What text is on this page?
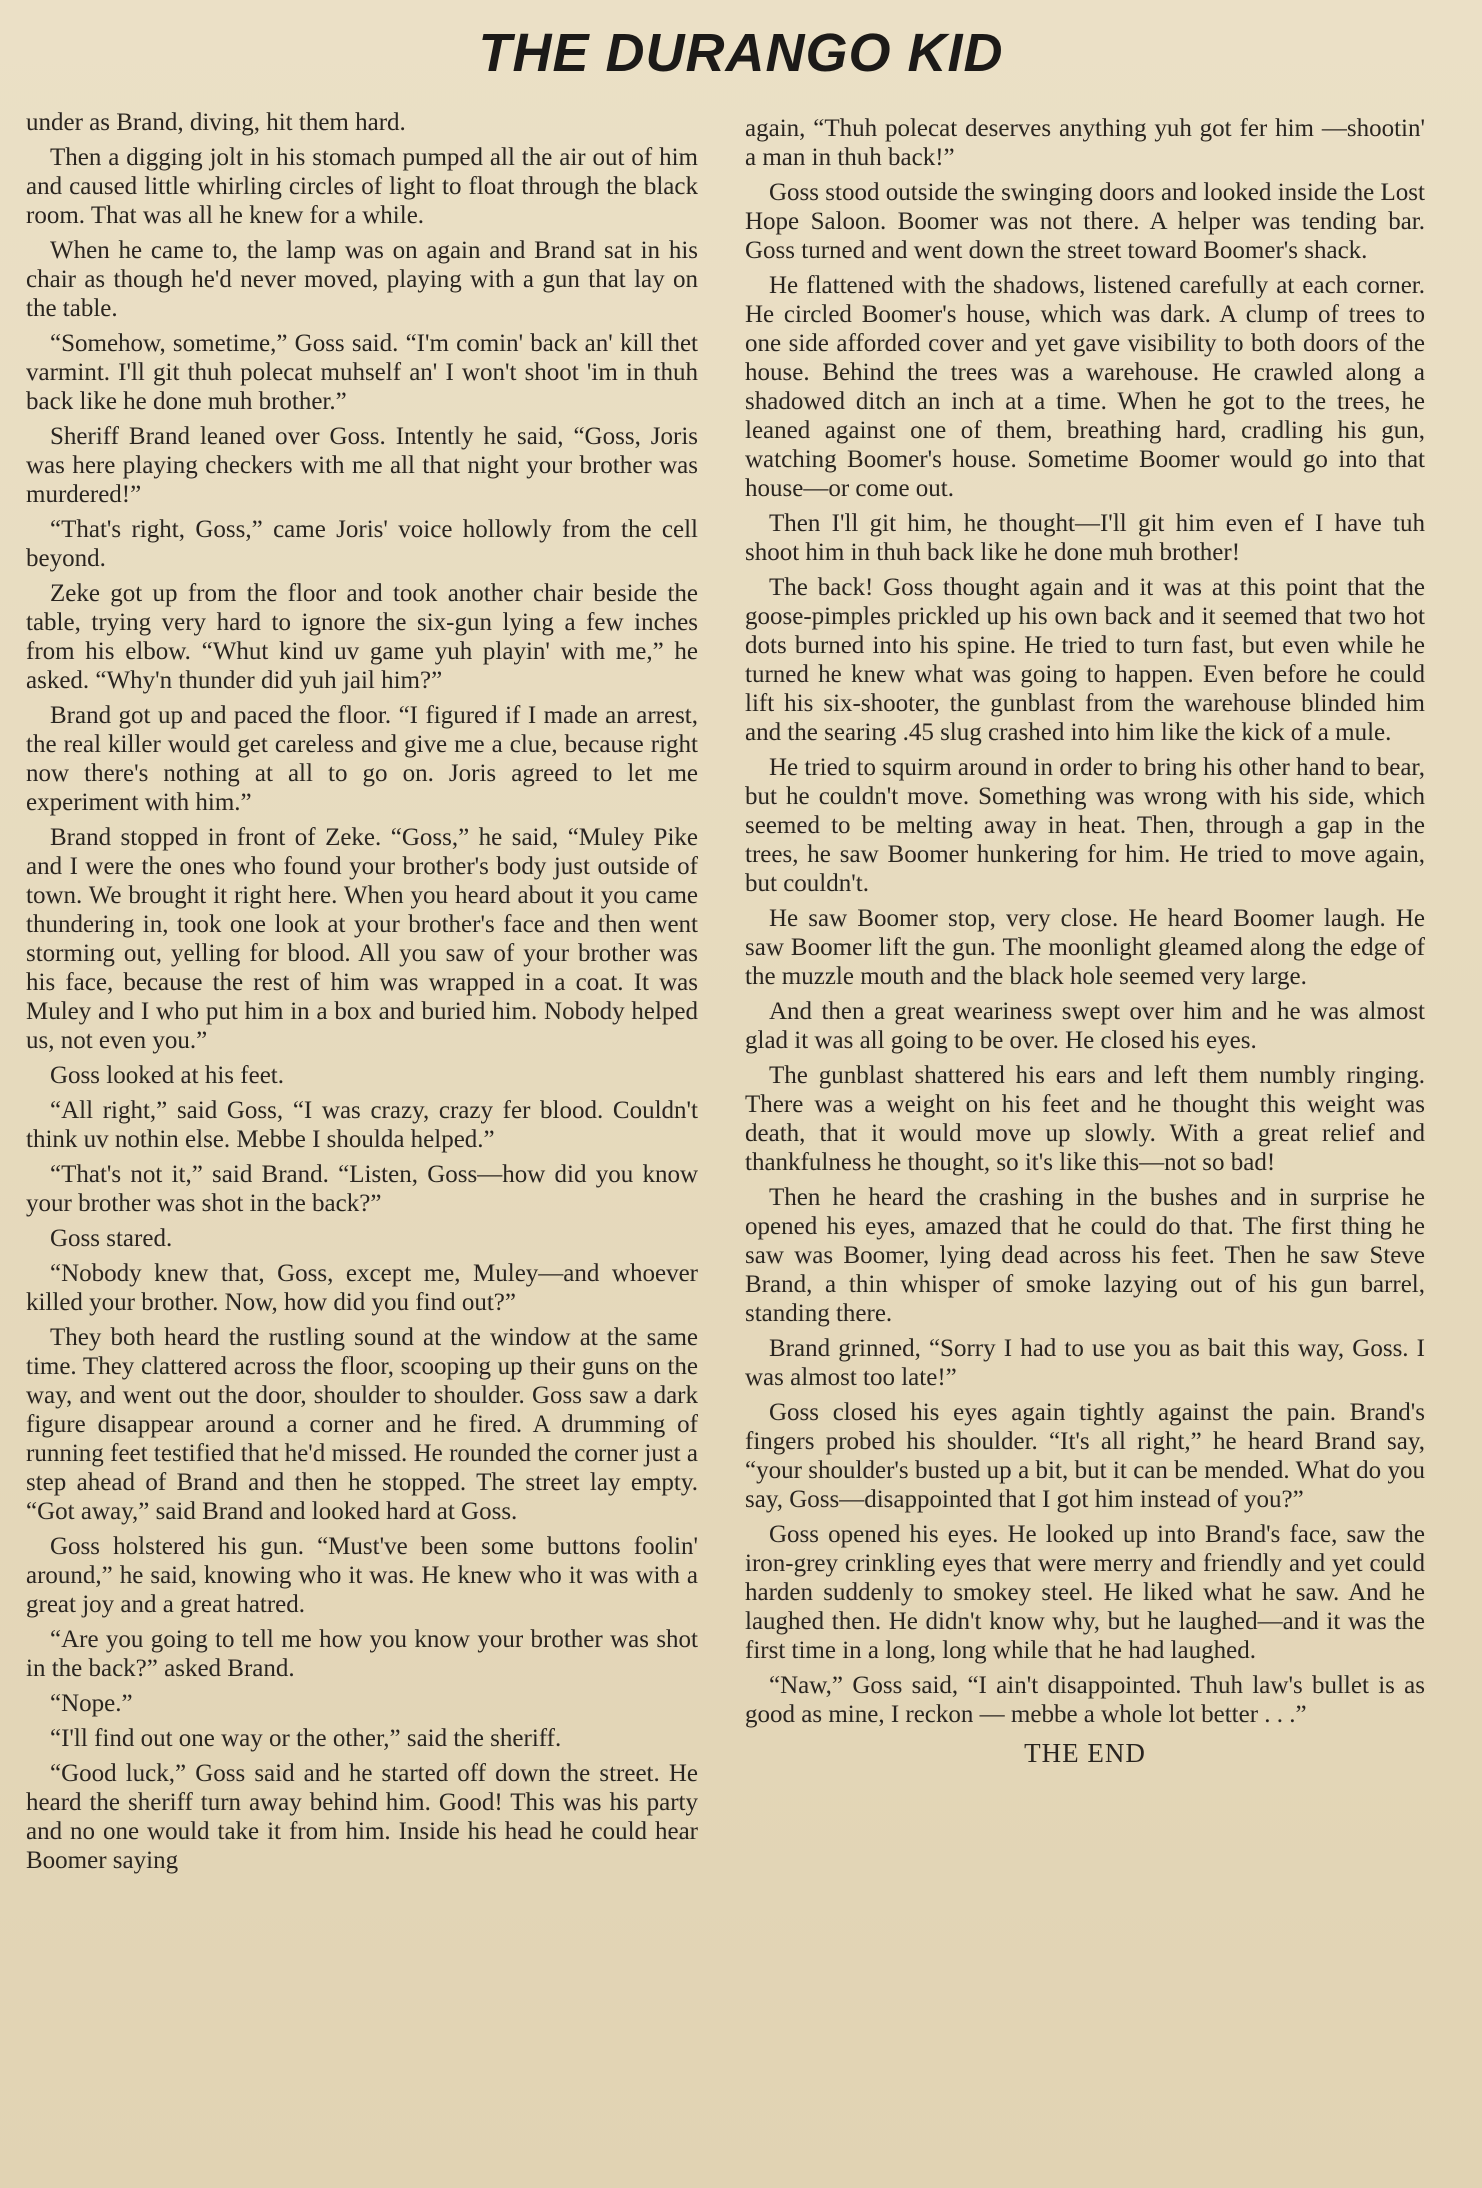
THE DURANGO KID

under as Brand, diving, hit them hard.

Then a digging jolt in his stomach pumped all the air out of him and caused little whirling circles of light to float through the black room. That was all he knew for a while.

When he came to, the lamp was on again and Brand sat in his chair as though he'd never moved, playing with a gun that lay on the table.

“Somehow, sometime,” Goss said. “I'm comin' back an' kill thet varmint. I'll git thuh polecat muhself an' I won't shoot 'im in thuh back like he done muh brother.”

Sheriff Brand leaned over Goss. Intently he said, “Goss, Joris was here playing checkers with me all that night your brother was murdered!”

“That's right, Goss,” came Joris' voice hollowly from the cell beyond.

Zeke got up from the floor and took another chair beside the table, trying very hard to ignore the six-gun lying a few inches from his elbow. “Whut kind uv game yuh playin' with me,” he asked. “Why'n thunder did yuh jail him?”

Brand got up and paced the floor. “I figured if I made an arrest, the real killer would get careless and give me a clue, because right now there's nothing at all to go on. Joris agreed to let me experiment with him.”

Brand stopped in front of Zeke. “Goss,” he said, “Muley Pike and I were the ones who found your brother's body just outside of town. We brought it right here. When you heard about it you came thundering in, took one look at your brother's face and then went storming out, yelling for blood. All you saw of your brother was his face, because the rest of him was wrapped in a coat. It was Muley and I who put him in a box and buried him. Nobody helped us, not even you.”

Goss looked at his feet.

“All right,” said Goss, “I was crazy, crazy fer blood. Couldn't think uv nothin else. Mebbe I shoulda helped.”

“That's not it,” said Brand. “Listen, Goss—how did you know your brother was shot in the back?”

Goss stared.

“Nobody knew that, Goss, except me, Muley—and whoever killed your brother. Now, how did you find out?”

They both heard the rustling sound at the window at the same time. They clattered across the floor, scooping up their guns on the way, and went out the door, shoulder to shoulder. Goss saw a dark figure disappear around a corner and he fired. A drumming of running feet testified that he'd missed. He rounded the corner just a step ahead of Brand and then he stopped. The street lay empty. “Got away,” said Brand and looked hard at Goss.

Goss holstered his gun. “Must've been some buttons foolin' around,” he said, knowing who it was. He knew who it was with a great joy and a great hatred.

“Are you going to tell me how you know your brother was shot in the back?” asked Brand.

“Nope.”

“I'll find out one way or the other,” said the sheriff.

“Good luck,” Goss said and he started off down the street. He heard the sheriff turn away behind him. Good! This was his party and no one would take it from him. Inside his head he could hear Boomer saying

again, “Thuh polecat deserves anything yuh got fer him —shootin' a man in thuh back!”

Goss stood outside the swinging doors and looked inside the Lost Hope Saloon. Boomer was not there. A helper was tending bar. Goss turned and went down the street toward Boomer's shack.

He flattened with the shadows, listened carefully at each corner. He circled Boomer's house, which was dark. A clump of trees to one side afforded cover and yet gave visibility to both doors of the house. Behind the trees was a warehouse. He crawled along a shadowed ditch an inch at a time. When he got to the trees, he leaned against one of them, breathing hard, cradling his gun, watching Boomer's house. Sometime Boomer would go into that house—or come out.

Then I'll git him, he thought—I'll git him even ef I have tuh shoot him in thuh back like he done muh brother!

The back! Goss thought again and it was at this point that the goose-pimples prickled up his own back and it seemed that two hot dots burned into his spine. He tried to turn fast, but even while he turned he knew what was going to happen. Even before he could lift his six-shooter, the gunblast from the warehouse blinded him and the searing .45 slug crashed into him like the kick of a mule.

He tried to squirm around in order to bring his other hand to bear, but he couldn't move. Something was wrong with his side, which seemed to be melting away in heat. Then, through a gap in the trees, he saw Boomer hunkering for him. He tried to move again, but couldn't.

He saw Boomer stop, very close. He heard Boomer laugh. He saw Boomer lift the gun. The moonlight gleamed along the edge of the muzzle mouth and the black hole seemed very large.

And then a great weariness swept over him and he was almost glad it was all going to be over. He closed his eyes.

The gunblast shattered his ears and left them numbly ringing. There was a weight on his feet and he thought this weight was death, that it would move up slowly. With a great relief and thankfulness he thought, so it's like this—not so bad!

Then he heard the crashing in the bushes and in surprise he opened his eyes, amazed that he could do that. The first thing he saw was Boomer, lying dead across his feet. Then he saw Steve Brand, a thin whisper of smoke lazying out of his gun barrel, standing there.

Brand grinned, “Sorry I had to use you as bait this way, Goss. I was almost too late!”

Goss closed his eyes again tightly against the pain. Brand's fingers probed his shoulder. “It's all right,” he heard Brand say, “your shoulder's busted up a bit, but it can be mended. What do you say, Goss—disappointed that I got him instead of you?”

Goss opened his eyes. He looked up into Brand's face, saw the iron-grey crinkling eyes that were merry and friendly and yet could harden suddenly to smokey steel. He liked what he saw. And he laughed then. He didn't know why, but he laughed—and it was the first time in a long, long while that he had laughed.

“Naw,” Goss said, “I ain't disappointed. Thuh law's bullet is as good as mine, I reckon — mebbe a whole lot better . . .”

THE END
